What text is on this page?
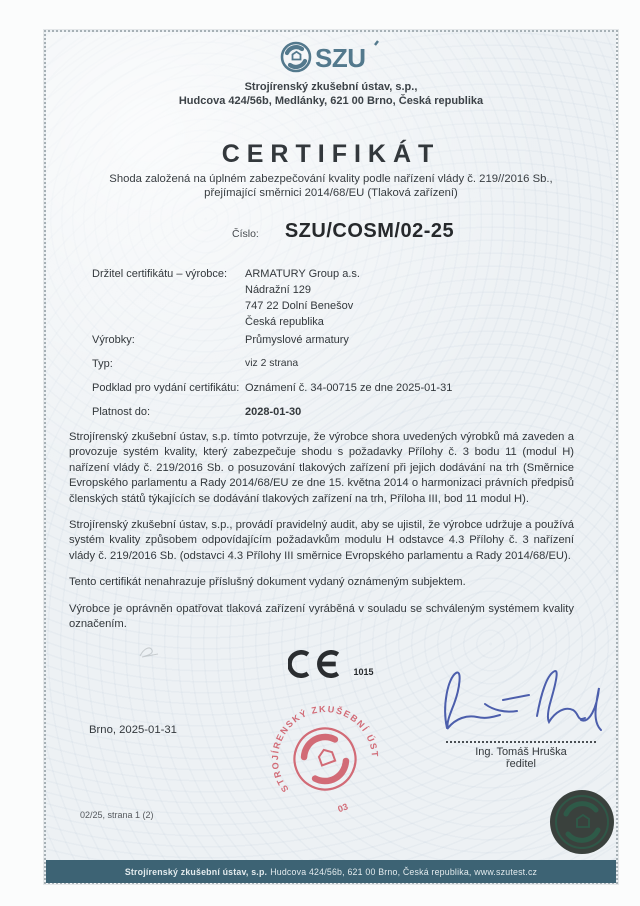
SZU
Strojírenský zkušební ústav, s.p.,
Hudcova 424/56b, Medlánky, 621 00 Brno, Česká republika
CERTIFIKÁT
Shoda založená na úplném zabezpečování kvality podle nařízení vlády č. 219//2016 Sb.,
přejímající směrnici 2014/68/EU (Tlaková zařízení)
Číslo: SZU/COSM/02-25
Držitel certifikátu – výrobce:	ARMATURY Group a.s.
Nádražní 129
747 22 Dolní Benešov
Česká republika
Výrobky:	Průmyslové armatury
Typ:	viz 2 strana
Podklad pro vydání certifikátu: Oznámení č. 34-00715 ze dne 2025-01-31
Platnost do:	2028-01-30

Strojírenský zkušební ústav, s.p. tímto potvrzuje, že výrobce shora uvedených výrobků má zaveden a provozuje systém kvality, který zabezpečuje shodu s požadavky Přílohy č. 3 bodu 11 (modul H) nařízení vlády č. 219/2016 Sb. o posuzování tlakových zařízení při jejich dodávání na trh (Směrnice Evropského parlamentu a Rady 2014/68/EU ze dne 15. května 2014 o harmonizaci právních předpisů členských států týkajících se dodávání tlakových zařízení na trh, Příloha III, bod 11 modul H).

Strojírenský zkušební ústav, s.p., provádí pravidelný audit, aby se ujistil, že výrobce udržuje a používá systém kvality způsobem odpovídajícím požadavkům modulu H odstavce 4.3 Přílohy č. 3 nařízení vlády č. 219/2016 Sb. (odstavci 4.3 Přílohy III směrnice Evropského parlamentu a Rady 2014/68/EU).

Tento certifikát nenahrazuje příslušný dokument vydaný oznámeným subjektem.

Výrobce je oprávněn opatřovat tlaková zařízení vyráběná v souladu se schváleným systémem kvality označením.

1015
Brno, 2025-01-31
STROJÍRENSKÝ ZKUŠEBNÍ ÚSTAV, S.P.
03
Ing. Tomáš Hruška
ředitel
02/25, strana 1 (2)
Strojírenský zkušební ústav, s.p. Hudcova 424/56b, 621 00 Brno, Česká republika, www.szutest.cz
